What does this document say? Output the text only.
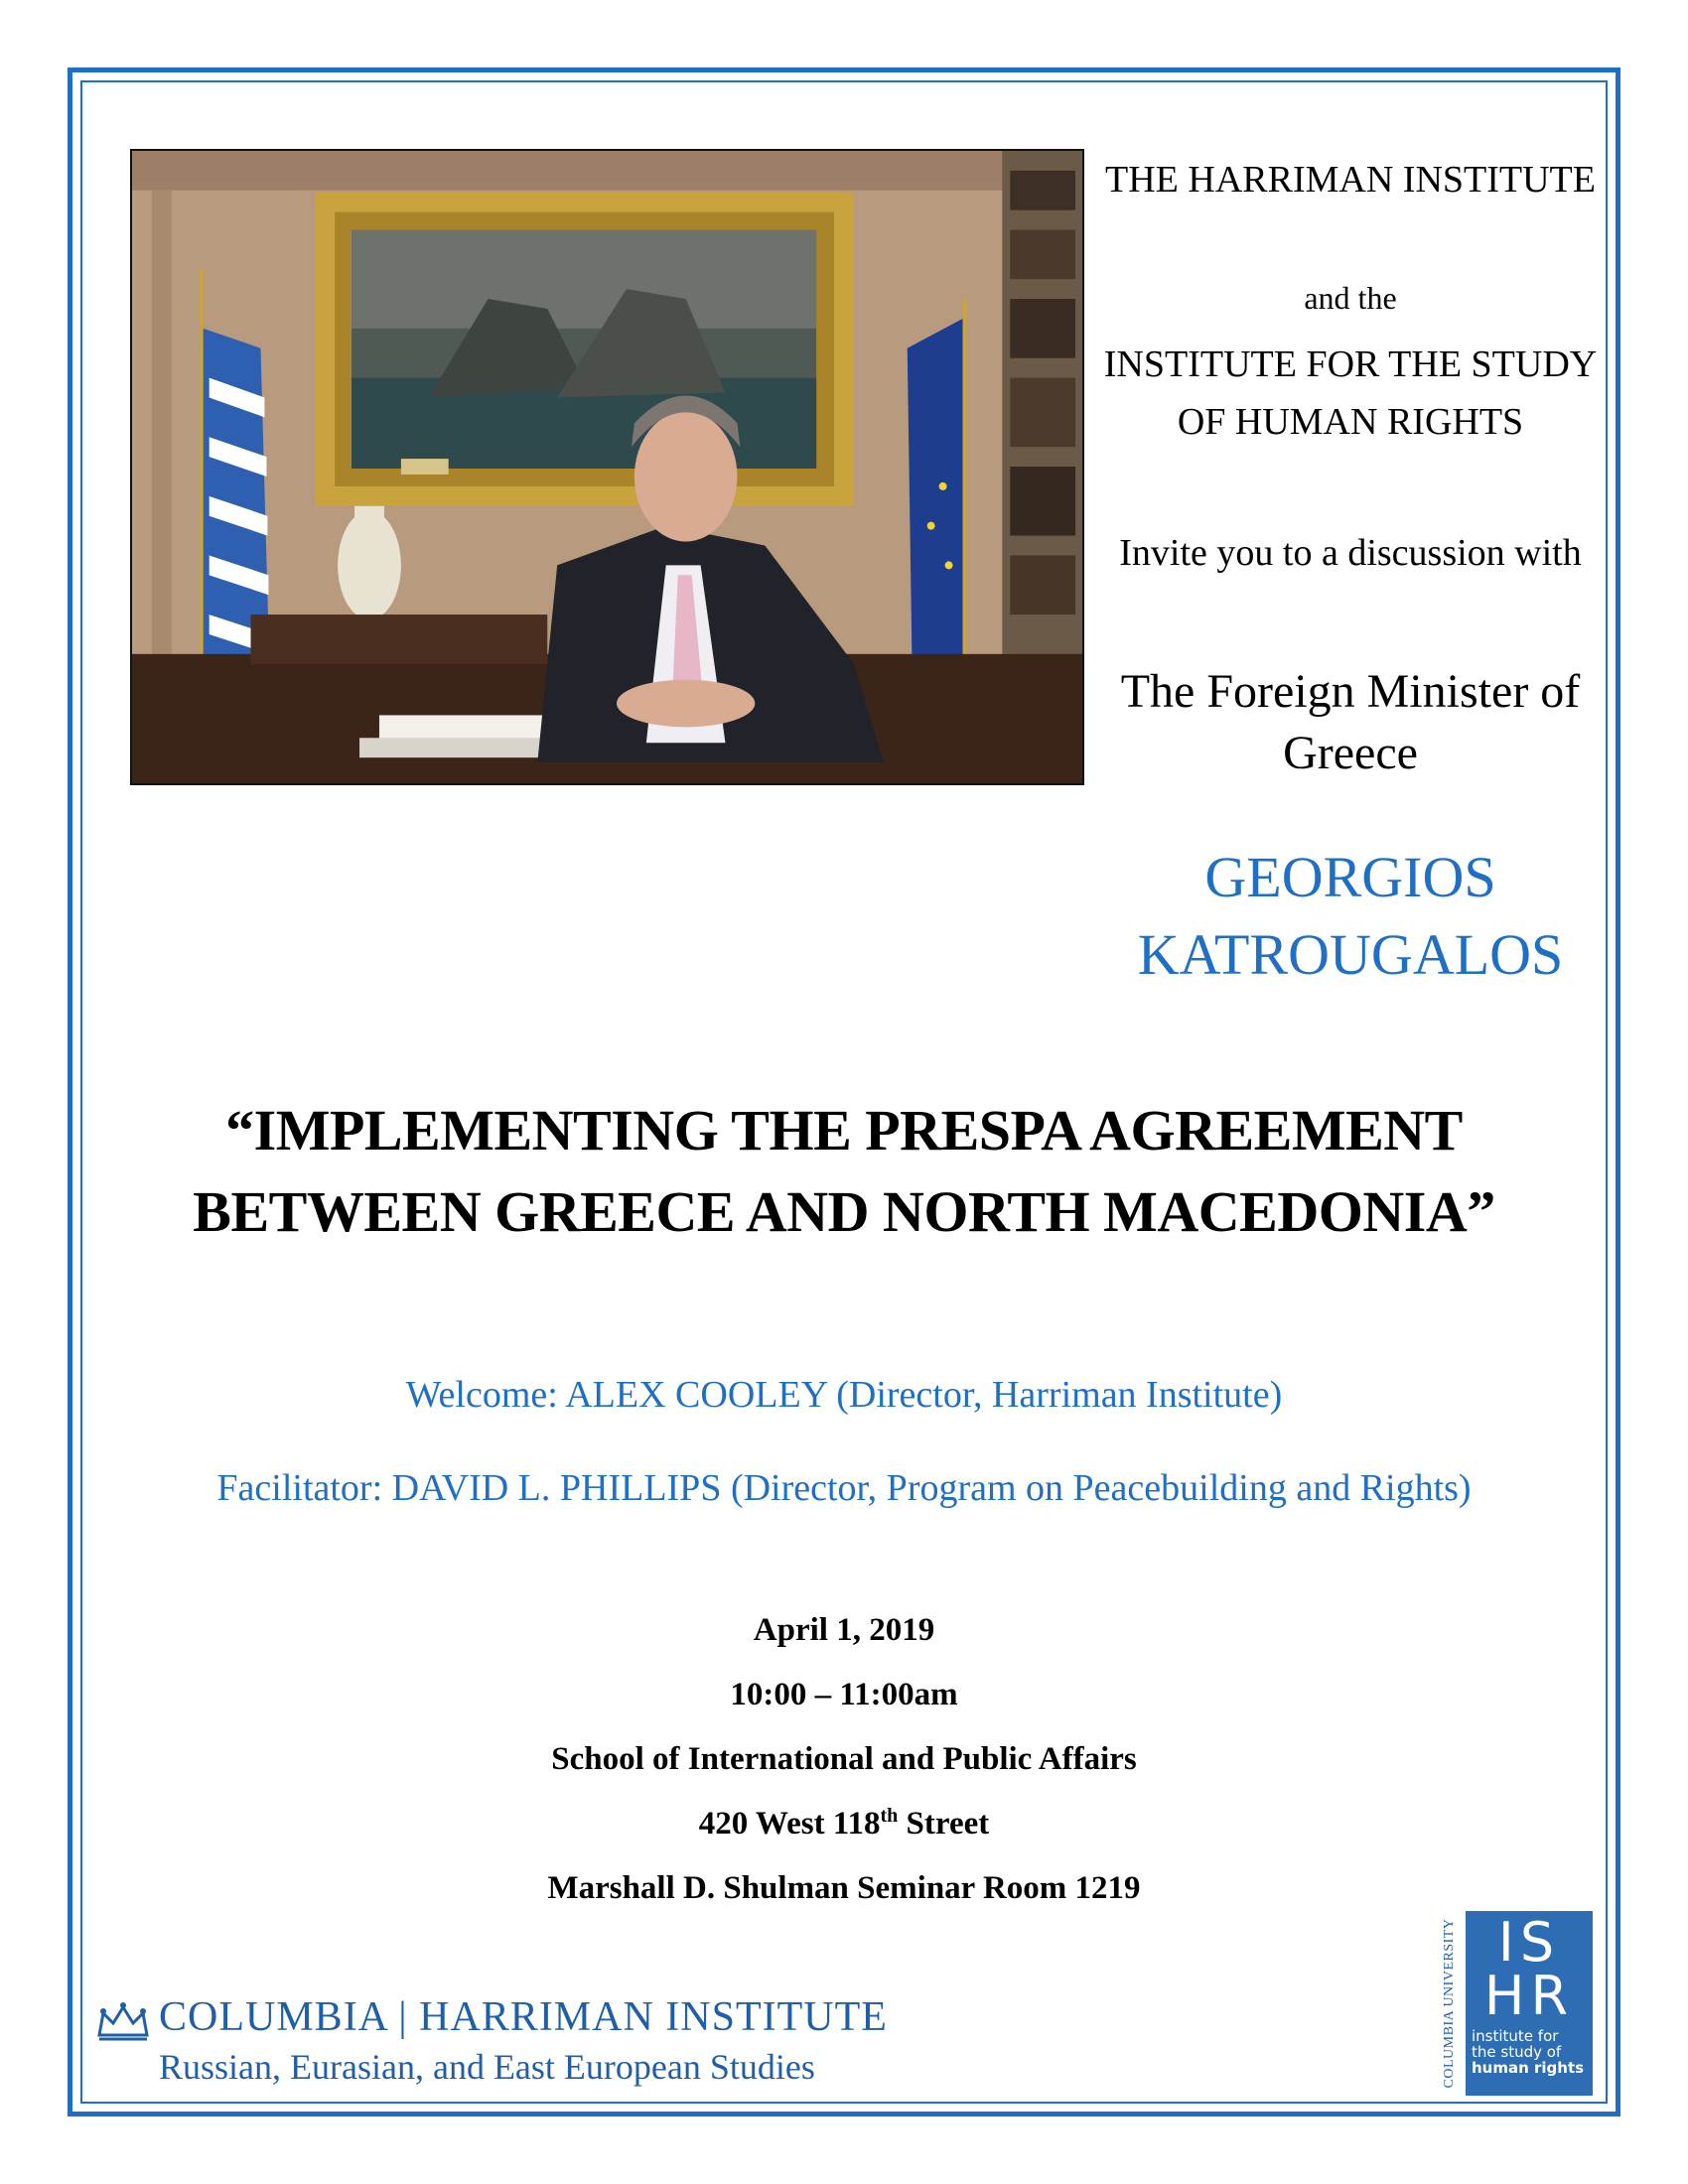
THE HARRIMAN INSTITUTE
and the
INSTITUTE FOR THE STUDY OF HUMAN RIGHTS
Invite you to a discussion with
The Foreign Minister of Greece
GEORGIOS KATROUGALOS
“IMPLEMENTING THE PRESPA AGREEMENT
BETWEEN GREECE AND NORTH MACEDONIA”
Welcome: ALEX COOLEY (Director, Harriman Institute)
Facilitator: DAVID L. PHILLIPS (Director, Program on Peacebuilding and Rights)
April 1, 2019
10:00 – 11:00am
School of International and Public Affairs
420 West 118th Street
Marshall D. Shulman Seminar Room 1219
COLUMBIA | HARRIMAN INSTITUTE
Russian, Eurasian, and East European Studies	COLUMBIA UNIVERSITY IS
HR
institute for
the study of
human rights
